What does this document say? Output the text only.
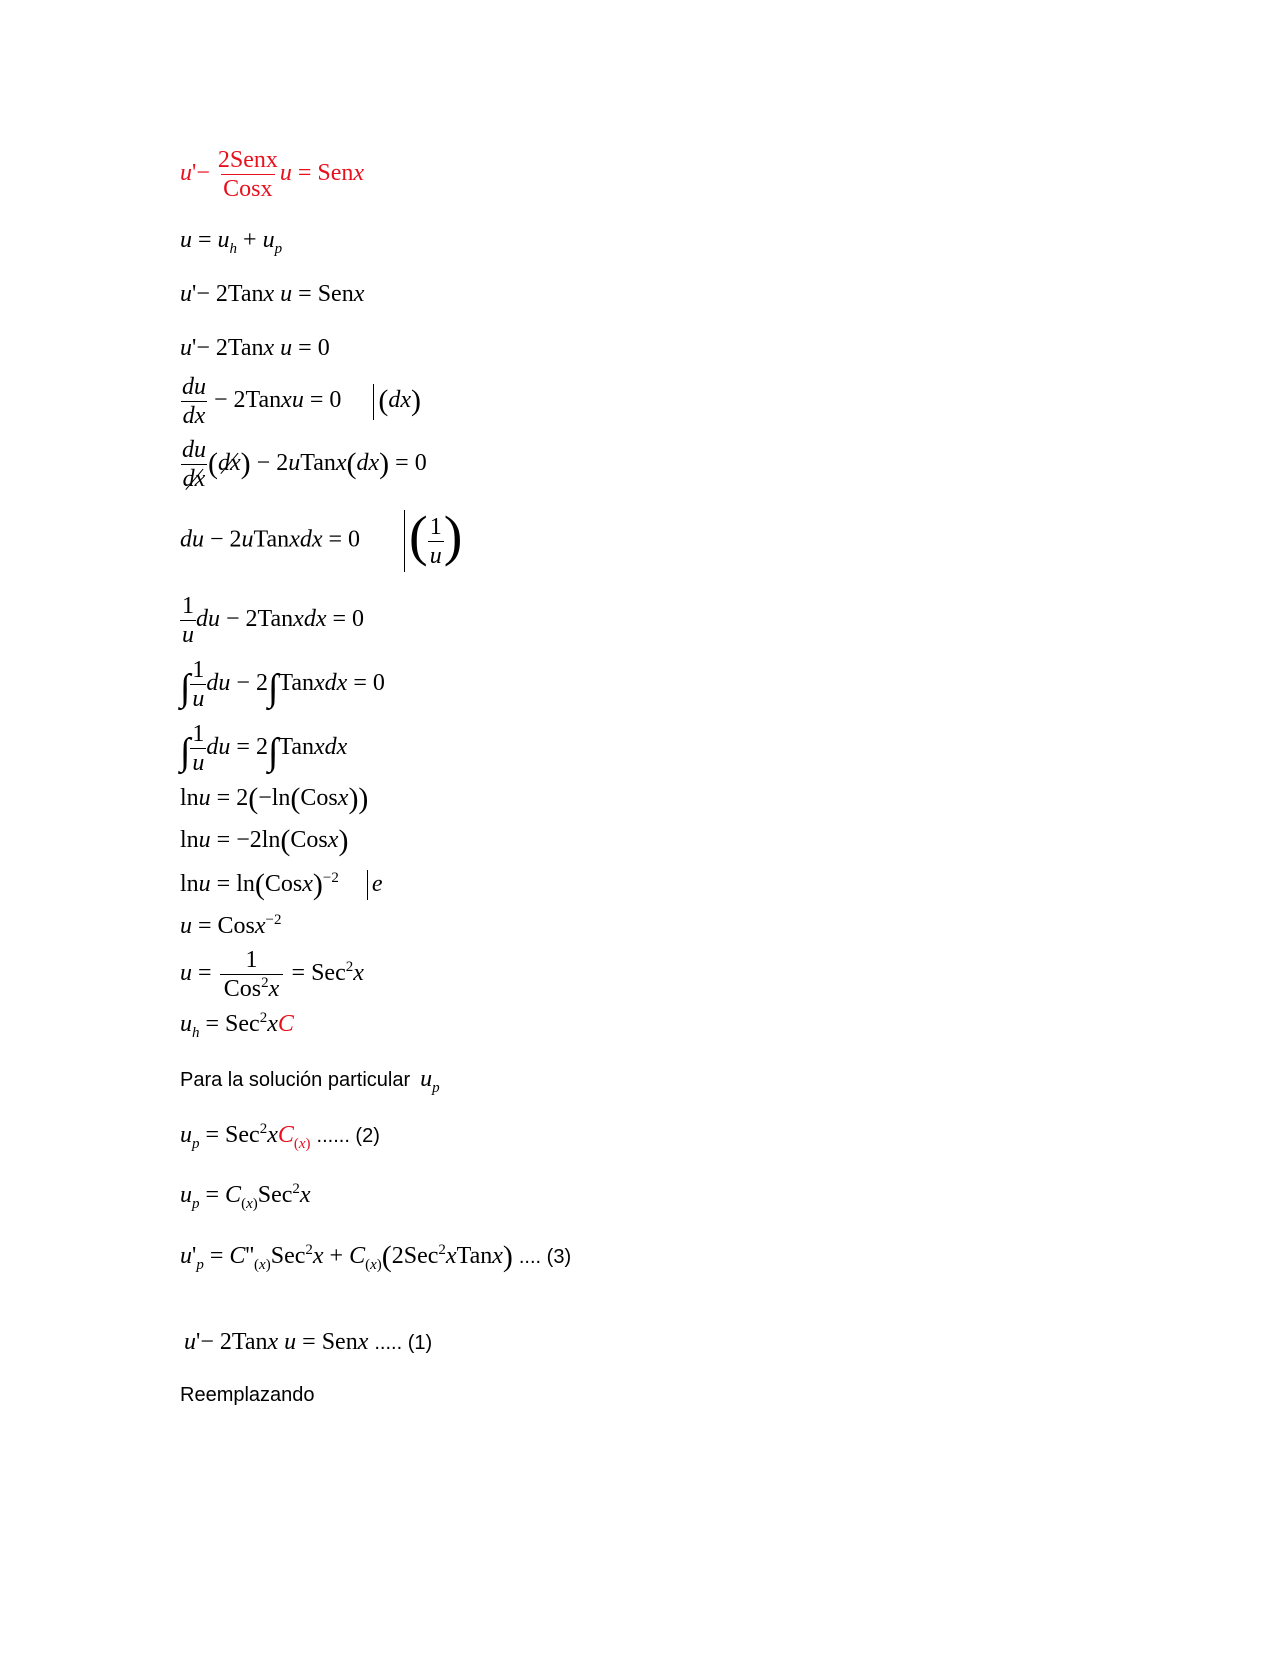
$u'- \frac{\text{2Senx}}{\text{Cosx}}$ u = Senx
$u = u_h + u_p$
u'− 2Tanx u = Senx
u'− 2Tanx u = 0
$\frac{du}{dx}$ − 2Tanxu = 0 (dx)
$\frac{du}{dx} (dx)$ − 2uTanx(dx) = 0
du − 2uTanxdx = 0 ( $\frac{1}{u}$ )
$\frac{1}{u}$ du − 2Tanxdx = 0
∫ $\frac{1}{u}$ du − 2∫Tanxdx = 0
∫ $\frac{1}{u}$ du = 2∫Tanxdx
lnu = 2(−ln(Cosx))
lnu = −2ln(Cosx)
lnu = ln(Cosx)$^{-2}$ e
u = Cosx$^{-2}$
$u = \frac{1}{Cos^2x} = Sec^2x$
$u_h = Sec^2xC$
Para la solución particular $u_p$
$u_p = Sec^2xC_{(x)}$ ...... (2)
$u_p = C_{(x)}Sec^2x$
$u'_p = C''_{(x)}Sec^2x$ + $C_{(x)}(2Sec^2xTanx)$ .... (3)
u'− 2Tanx u = Senx ..... (1)
Reemplazando
